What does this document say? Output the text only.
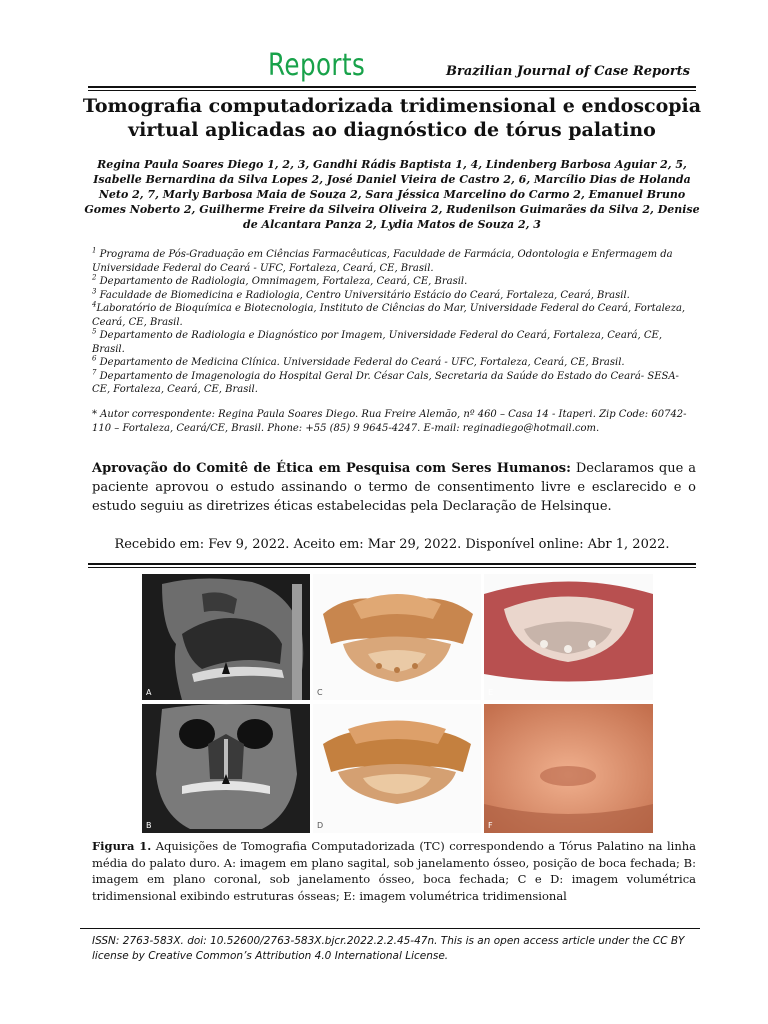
Reports	Brazilian Journal of Case Reports
Tomografia computadorizada tridimensional e endoscopia virtual aplicadas ao diagnóstico de tórus palatino
Regina Paula Soares Diego 1, 2, 3, Gandhi Rádis Baptista 1, 4, Lindenberg Barbosa Aguiar 2, 5, Isabelle Bernardina da Silva Lopes 2, José Daniel Vieira de Castro 2, 6, Marcílio Dias de Holanda Neto 2, 7, Marly Barbosa Maia de Souza 2, Sara Jéssica Marcelino do Carmo 2, Emanuel Bruno Gomes Noberto 2, Guilherme Freire da Silveira Oliveira 2, Rudenilson Guimarães da Silva 2, Denise de Alcantara Panza 2, Lydia Matos de Souza 2, 3
$^1$ Programa de Pós-Graduação em Ciências Farmacêuticas, Faculdade de Farmácia, Odontologia e Enfermagem da Universidade Federal do Ceará - UFC, Fortaleza, Ceará, CE, Brasil.
$^2$ Departamento de Radiologia, Omnimagem, Fortaleza, Ceará, CE, Brasil.
$^3$ Faculdade de Biomedicina e Radiologia, Centro Universitário Estácio do Ceará, Fortaleza, Ceará, Brasil.
$^4$Laboratório de Bioquímica e Biotecnologia, Instituto de Ciências do Mar, Universidade Federal do Ceará, Fortaleza, Ceará, CE, Brasil.
$^5$ Departamento de Radiologia e Diagnóstico por Imagem, Universidade Federal do Ceará, Fortaleza, Ceará, CE, Brasil.
$^6$ Departamento de Medicina Clínica. Universidade Federal do Ceará - UFC, Fortaleza, Ceará, CE, Brasil.
$^7$ Departamento de Imagenologia do Hospital Geral Dr. César Cals, Secretaria da Saúde do Estado do Ceará- SESA-CE, Fortaleza, Ceará, CE, Brasil.
* Autor correspondente: Regina Paula Soares Diego. Rua Freire Alemão, nº 460 – Casa 14 - Itaperi. Zip Code: 60742-110 – Fortaleza, Ceará/CE, Brasil. Phone: +55 (85) 9 9645-4247. E-mail: reginadiego@hotmail.com.
Aprovação do Comitê de Ética em Pesquisa com Seres Humanos: Declaramos que a paciente aprovou o estudo assinando o termo de consentimento livre e esclarecido e o estudo seguiu as diretrizes éticas estabelecidas pela Declaração de Helsinque.
Recebido em: Fev 9, 2022. Aceito em: Mar 29, 2022. Disponível online: Abr 1, 2022.
A
B
C
D
E
F
Figura 1. Aquisições de Tomografia Computadorizada (TC) correspondendo a Tórus Palatino na linha média do palato duro. A: imagem em plano sagital, sob janelamento ósseo, posição de boca fechada; B: imagem em plano coronal, sob janelamento ósseo, boca fechada; C e D: imagem volumétrica tridimensional exibindo estruturas ósseas; E: imagem volumétrica tridimensional
ISSN: 2763-583X. doi: 10.52600/2763-583X.bjcr.2022.2.2.45-47n. This is an open access article under the CC BY license by Creative Common’s Attribution 4.0 International License.
